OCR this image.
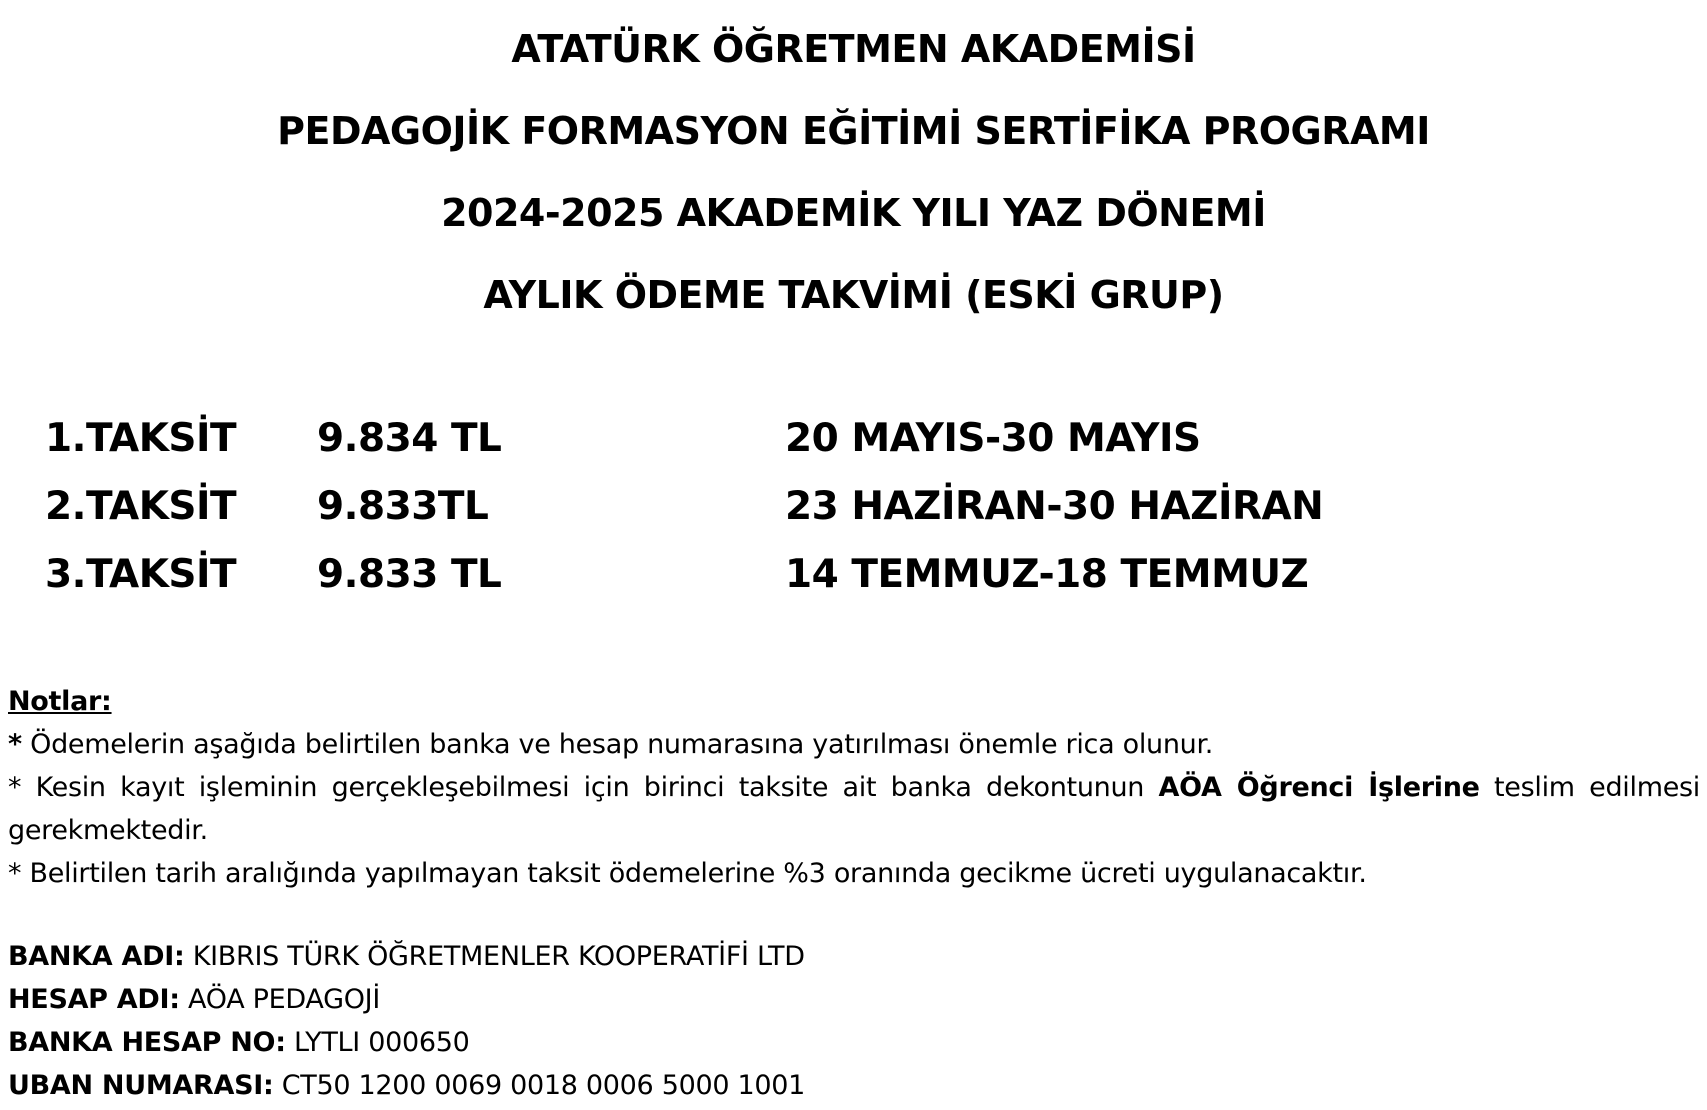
ATATÜRK ÖĞRETMEN AKADEMİSİ
PEDAGOJİK FORMASYON EĞİTİMİ SERTİFİKA PROGRAMI
2024-2025 AKADEMİK YILI YAZ DÖNEMİ
AYLIK ÖDEME TAKVİMİ (ESKİ GRUP)
1.TAKSİT 9.834 TL	20 MAYIS-30 MAYIS
2.TAKSİT 9.833TL	23 HAZİRAN-30 HAZİRAN
3.TAKSİT 9.833 TL	14 TEMMUZ-18 TEMMUZ
Notlar:
* Ödemelerin aşağıda belirtilen banka ve hesap numarasına yatırılması önemle rica olunur.
* Kesin kayıt işleminin gerçekleşebilmesi için birinci taksite ait banka dekontunun AÖA Öğrenci İşlerine teslim edilmesi
gerekmektedir.
* Belirtilen tarih aralığında yapılmayan taksit ödemelerine %3 oranında gecikme ücreti uygulanacaktır.
BANKA ADI: KIBRIS TÜRK ÖĞRETMENLER KOOPERATİFİ LTD
HESAP ADI: AÖA PEDAGOJİ
BANKA HESAP NO: LYTLI 000650
UBAN NUMARASI: CT50 1200 0069 0018 0006 5000 1001
